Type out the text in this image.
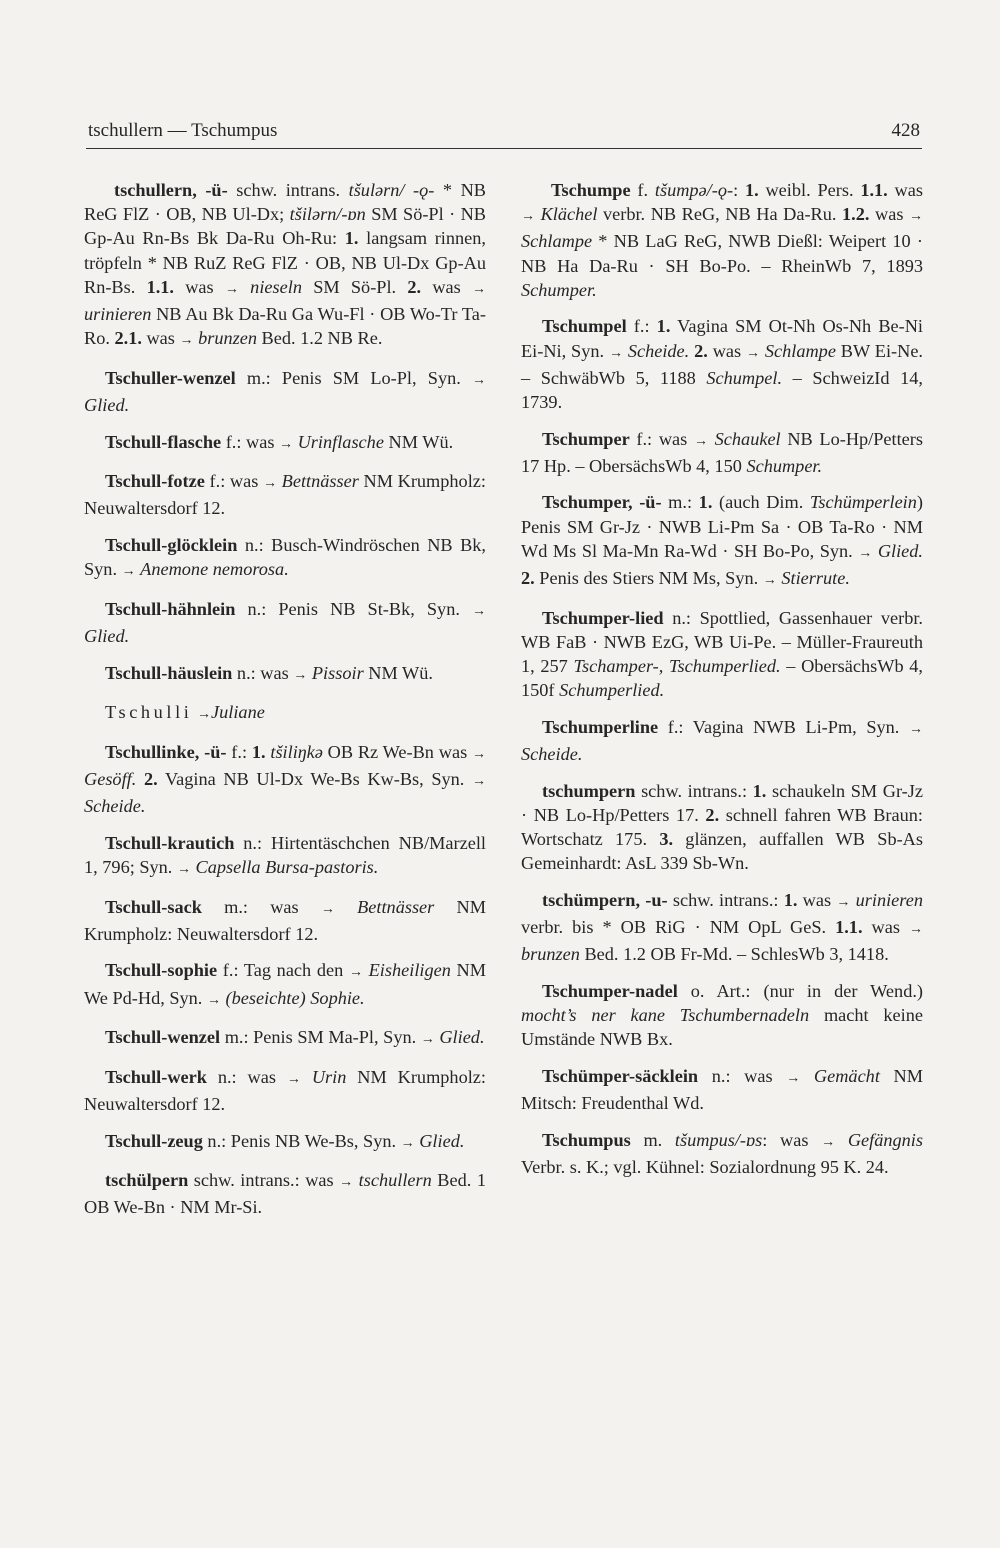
tschullern — Tschumpus	428

tschullern, -ü- schw. intrans. tšulərn/ -ǫ- * NB ReG FlZ · OB, NB Ul-Dx; tšilərn/-ɒn SM Sö-Pl · NB Gp-Au Rn-Bs Bk Da-Ru Oh-Ru: 1. langsam rinnen, tröpfeln * NB RuZ ReG FlZ · OB, NB Ul-Dx Gp-Au Rn-Bs. 1.1. was → nieseln SM Sö-Pl. 2. was → urinieren NB Au Bk Da-Ru Ga Wu-Fl · OB Wo-Tr Ta-Ro. 2.1. was → brunzen Bed. 1.2 NB Re.

Tschuller-wenzel m.: Penis SM Lo-Pl, Syn. → Glied.

Tschull-flasche f.: was → Urinflasche NM Wü.

Tschull-fotze f.: was → Bettnässer NM Krumpholz: Neuwaltersdorf 12.

Tschull-glöcklein n.: Busch-Windröschen NB Bk, Syn. → Anemone nemorosa.

Tschull-hähnlein n.: Penis NB St-Bk, Syn. → Glied.

Tschull-häuslein n.: was → Pissoir NM Wü.

Tschulli →Juliane

Tschullinke, -ü- f.: 1. tšiliŋkə OB Rz We-Bn was → Gesöff. 2. Vagina NB Ul-Dx We-Bs Kw-Bs, Syn. → Scheide.

Tschull-krautich n.: Hirtentäschchen NB/Marzell 1, 796; Syn. → Capsella Bursa-pastoris.

Tschull-sack m.: was → Bettnässer NM Krumpholz: Neuwaltersdorf 12.

Tschull-sophie f.: Tag nach den → Eisheiligen NM We Pd-Hd, Syn. → (beseichte) Sophie.

Tschull-wenzel m.: Penis SM Ma-Pl, Syn. → Glied.

Tschull-werk n.: was → Urin NM Krumpholz: Neuwaltersdorf 12.

Tschull-zeug n.: Penis NB We-Bs, Syn. → Glied.

tschülpern schw. intrans.: was → tschullern Bed. 1 OB We-Bn · NM Mr-Si.

Tschumpe f. tšumpə/-ǫ-: 1. weibl. Pers. 1.1. was → Kläche‍l verbr. NB ReG, NB Ha Da-Ru. 1.2. was → Schlampe * NB LaG ReG, NWB Dießl: Weipert 10 · NB Ha Da-Ru · SH Bo-Po. – RheinWb 7, 1893 Schumper.

Tschumpel f.: 1. Vagina SM Ot-Nh Os-Nh Be-Ni Ei-Ni, Syn. → Scheide. 2. was → Schlampe BW Ei-Ne. – SchwäbWb 5, 1188 Schumpel. – SchweizId 14, 1739.

Tschumper f.: was → Schaukel NB Lo-Hp/Petters 17 Hp. – ObersächsWb 4, 150 Schumper.

Tschumper, -ü- m.: 1. (auch Dim. Tschümperlein) Penis SM Gr-Jz · NWB Li-Pm Sa · OB Ta-Ro · NM Wd Ms Sl Ma-Mn Ra-Wd · SH Bo-Po, Syn. → Glied. 2. Penis des Stiers NM Ms, Syn. → Stierrute.

Tschumper-lied n.: Spottlied, Gassenhauer verbr. WB FaB · NWB EzG, WB Ui-Pe. – Müller-Fraureuth 1, 257 Tschamper-, Tschumperlied. – ObersächsWb 4, 150f Schumperlied.

Tschumperline f.: Vagina NWB Li-Pm, Syn. → Scheide.

tschumpern schw. intrans.: 1. schaukeln SM Gr-Jz · NB Lo-Hp/Petters 17. 2. schnell fahren WB Braun: Wortschatz 175. 3. glänzen, auffallen WB Sb-As Gemeinhardt: AsL 339 Sb-Wn.

tschümpern, -u- schw. intrans.: 1. was → urinieren verbr. bis * OB RiG · NM OpL GeS. 1.1. was → brunzen Bed. 1.2 OB Fr-Md. – SchlesWb 3, 1418.

Tschumper-nadel o. Art.: (nur in der Wend.) mocht’s ner kane Tschumbernadeln macht keine Umstände NWB Bx.

Tschümper-säcklein n.: was → Gemächt NM Mitsch: Freudenthal Wd.

Tschumpus m. tšumpus/-ɒs: was → Gefängnis Verbr. s. K.; vgl. Kühnel: Sozialordnung 95 K. 24.
